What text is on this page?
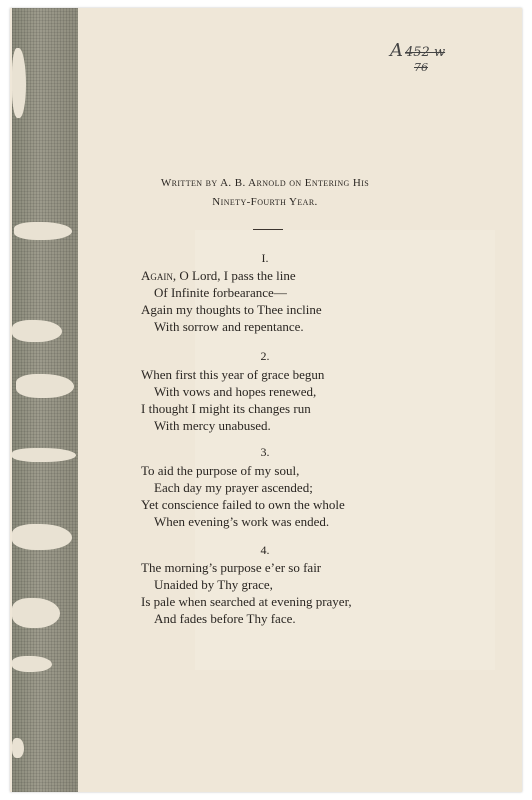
A 452 w
76
Written by A. B. Arnold on Entering His
Ninety-Fourth Year.
I.
Again, O Lord, I pass the line
Of Infinite forbearance—
Again my thoughts to Thee incline
With sorrow and repentance.
2.
When first this year of grace begun
With vows and hopes renewed,
I thought I might its changes run
With mercy unabused.
3.
To aid the purpose of my soul,
Each day my prayer ascended;
Yet conscience failed to own the whole
When evening’s work was ended.
4.
The morning’s purpose e’er so fair
Unaided by Thy grace,
Is pale when searched at evening prayer,
And fades before Thy face.
